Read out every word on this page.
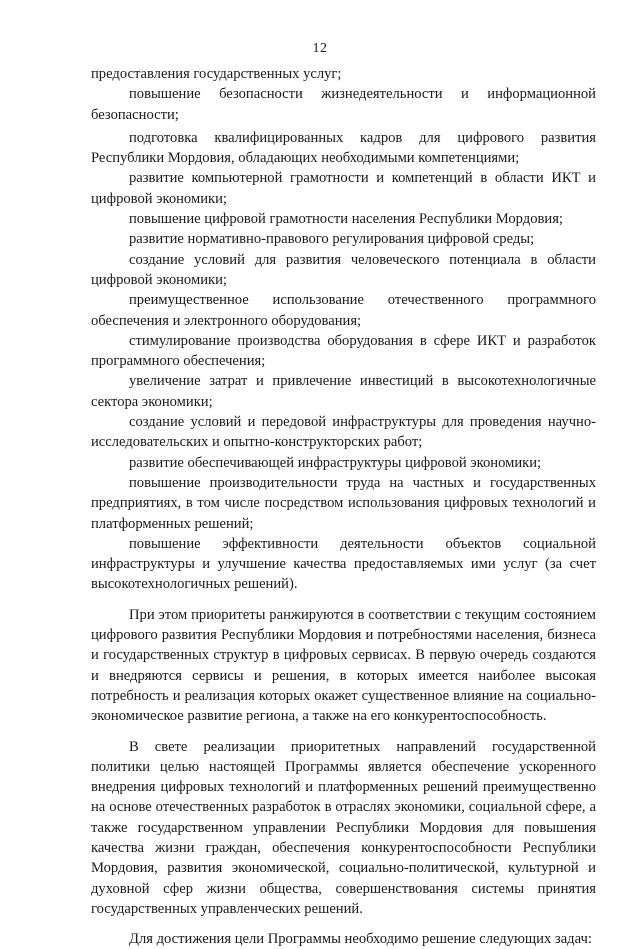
12

предоставления государственных услуг;

повышение безопасности жизнедеятельности и информационной безопасности;

подготовка квалифицированных кадров для цифрового развития Республики Мордовия, обладающих необходимыми компетенциями;

развитие компьютерной грамотности и компетенций в области ИКТ и цифровой экономики;

повышение цифровой грамотности населения Республики Мордовия;

развитие нормативно-правового регулирования цифровой среды;

создание условий для развития человеческого потенциала в области цифровой экономики;

преимущественное использование отечественного программного обеспечения и электронного оборудования;

стимулирование производства оборудования в сфере ИКТ и разработок программного обеспечения;

увеличение затрат и привлечение инвестиций в высокотехнологичные сектора экономики;

создание условий и передовой инфраструктуры для проведения научно-исследовательских и опытно-конструкторских работ;

развитие обеспечивающей инфраструктуры цифровой экономики;

повышение производительности труда на частных и государственных предприятиях, в том числе посредством использования цифровых технологий и платформенных решений;

повышение эффективности деятельности объектов социальной инфраструктуры и улучшение качества предоставляемых ими услуг (за счет высокотехнологичных решений).

При этом приоритеты ранжируются в соответствии с текущим состоянием цифрового развития Республики Мордовия и потребностями населения, бизнеса и государственных структур в цифровых сервисах. В первую очередь создаются и внедряются сервисы и решения, в которых имеется наиболее высокая потребность и реализация которых окажет существенное влияние на социально-экономическое развитие региона, а также на его конкурентоспособность.

В свете реализации приоритетных направлений государственной политики целью настоящей Программы является обеспечение ускоренного внедрения цифровых технологий и платформенных решений преимущественно на основе отечественных разработок в отраслях экономики, социальной сфере, а также государственном управлении Республики Мордовия для повышения качества жизни граждан, обеспечения конкурентоспособности Республики Мордовия, развития экономической, социально-политической, культурной и духовной сфер жизни общества, совершенствования системы принятия государственных управленческих решений.

Для достижения цели Программы необходимо решение следующих задач:
